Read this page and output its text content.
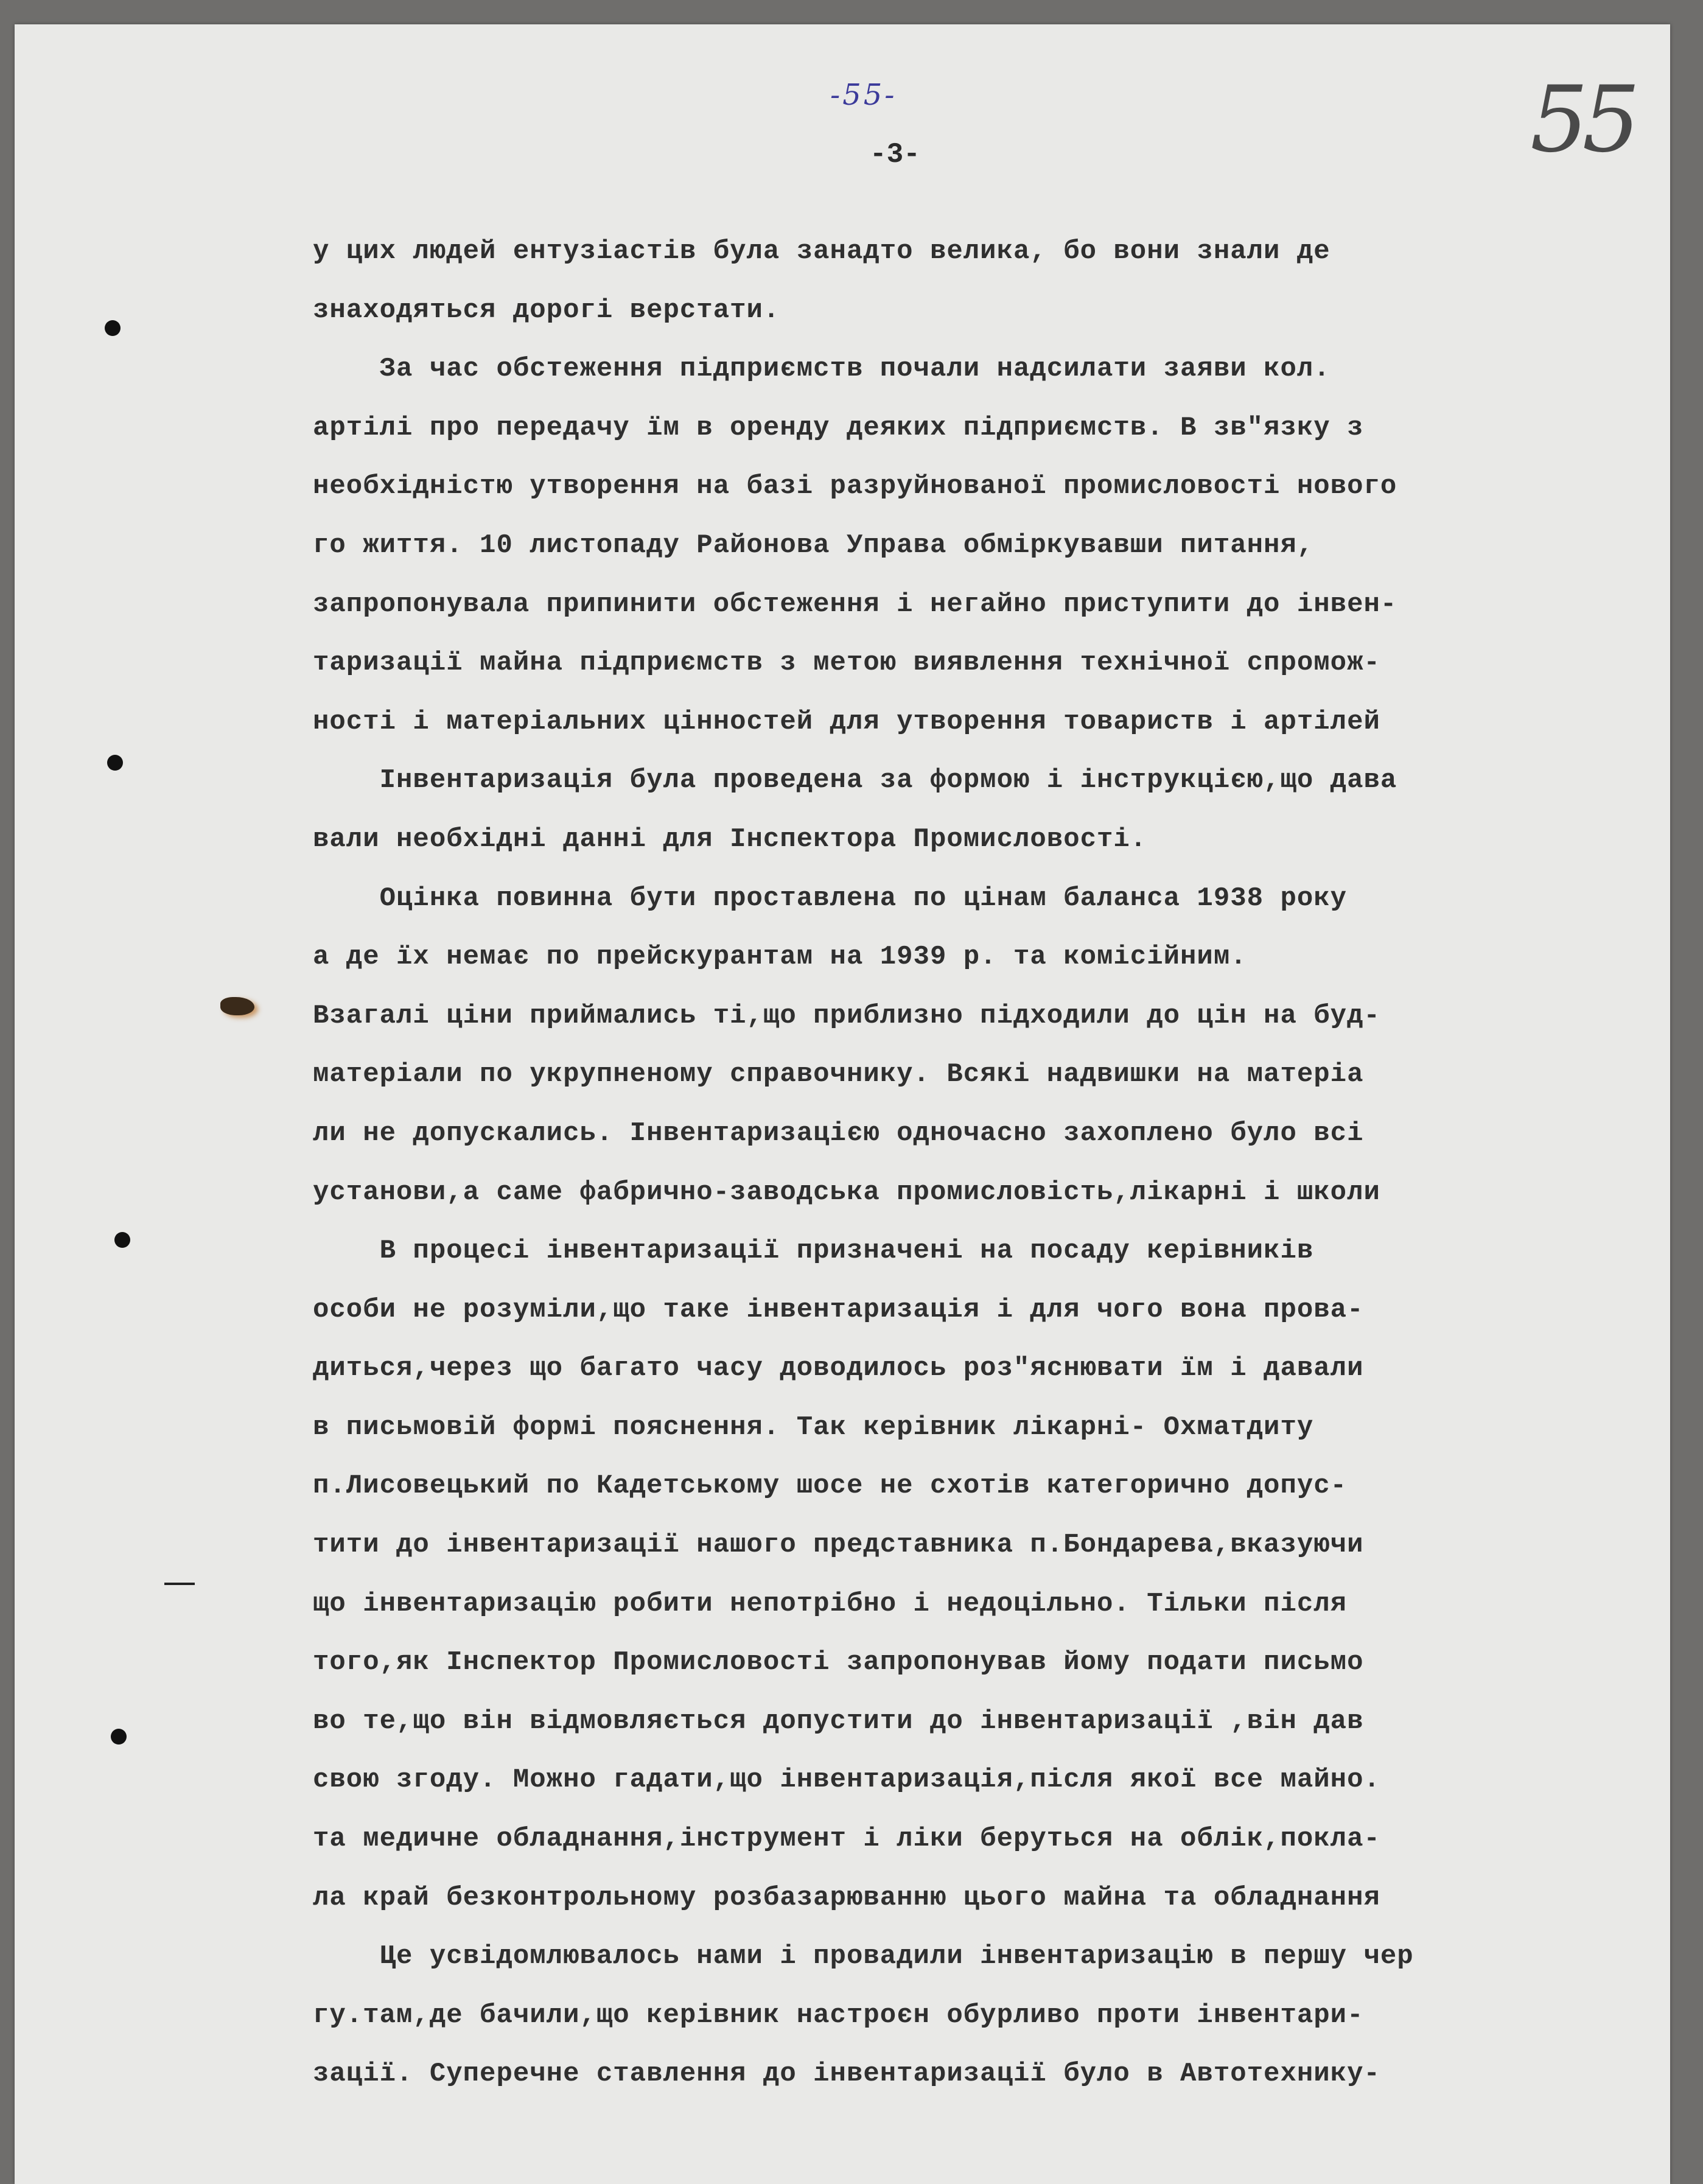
-55-
-3-	55
у цих людей ентузіастів була занадто велика, бо вони знали де
знаходяться дорогі верстати.
За час обстеження підприємств почали надсилати заяви кол.
артілі про передачу їм в оренду деяких підприємств. В зв"язку з
необхідністю утворення на базі разруйнованої промисловості нового
го життя. 10 листопаду Районова Управа обміркувавши питання,
запропонувала припинити обстеження і негайно приступити до інвен-
таризації майна підприємств з метою виявлення технічної спромож-
ності і матеріальних цінностей для утворення товариств і артілей
Інвентаризація була проведена за формою і інструкцією,що дава
вали необхідні данні для Інспектора Промисловості.
Оцінка повинна бути проставлена по цінам баланса 1938 року
а де їх немає по прейскурантам на 1939 р. та комісійним.
Взагалі ціни приймались ті,що приблизно підходили до цін на буд-
матеріали по укрупненому справочнику. Всякі надвишки на матеріа
ли не допускались. Інвентаризацією одночасно захоплено було всі
установи,а саме фабрично-заводська промисловість,лікарні і школи
В процесі інвентаризації призначені на посаду керівників
особи не розуміли,що таке інвентаризація і для чого вона прова-
диться,через що багато часу доводилось роз"яснювати їм і давали
в письмовій формі пояснення. Так керівник лікарні- Охматдиту
п.Лисовецький по Кадетському шосе не схотів категорично допус-
тити до інвентаризації нашого представника п.Бондарева,вказуючи
що інвентаризацію робити непотрібно і недоцільно. Тільки після
того,як Інспектор Промисловості запропонував йому подати письмо
во те,що він відмовляється допустити до інвентаризації ,він дав
свою згоду. Можно гадати,що інвентаризація,після якої все майно.
та медичне обладнання,інструмент і ліки беруться на облік,покла-
ла край безконтрольному розбазарюванню цього майна та обладнання
Це усвідомлювалось нами і провадили інвентаризацію в першу чер
гу.там,де бачили,що керівник настроєн обурливо проти інвентари-
зації. Суперечне ставлення до інвентаризації було в Автотехнику-
